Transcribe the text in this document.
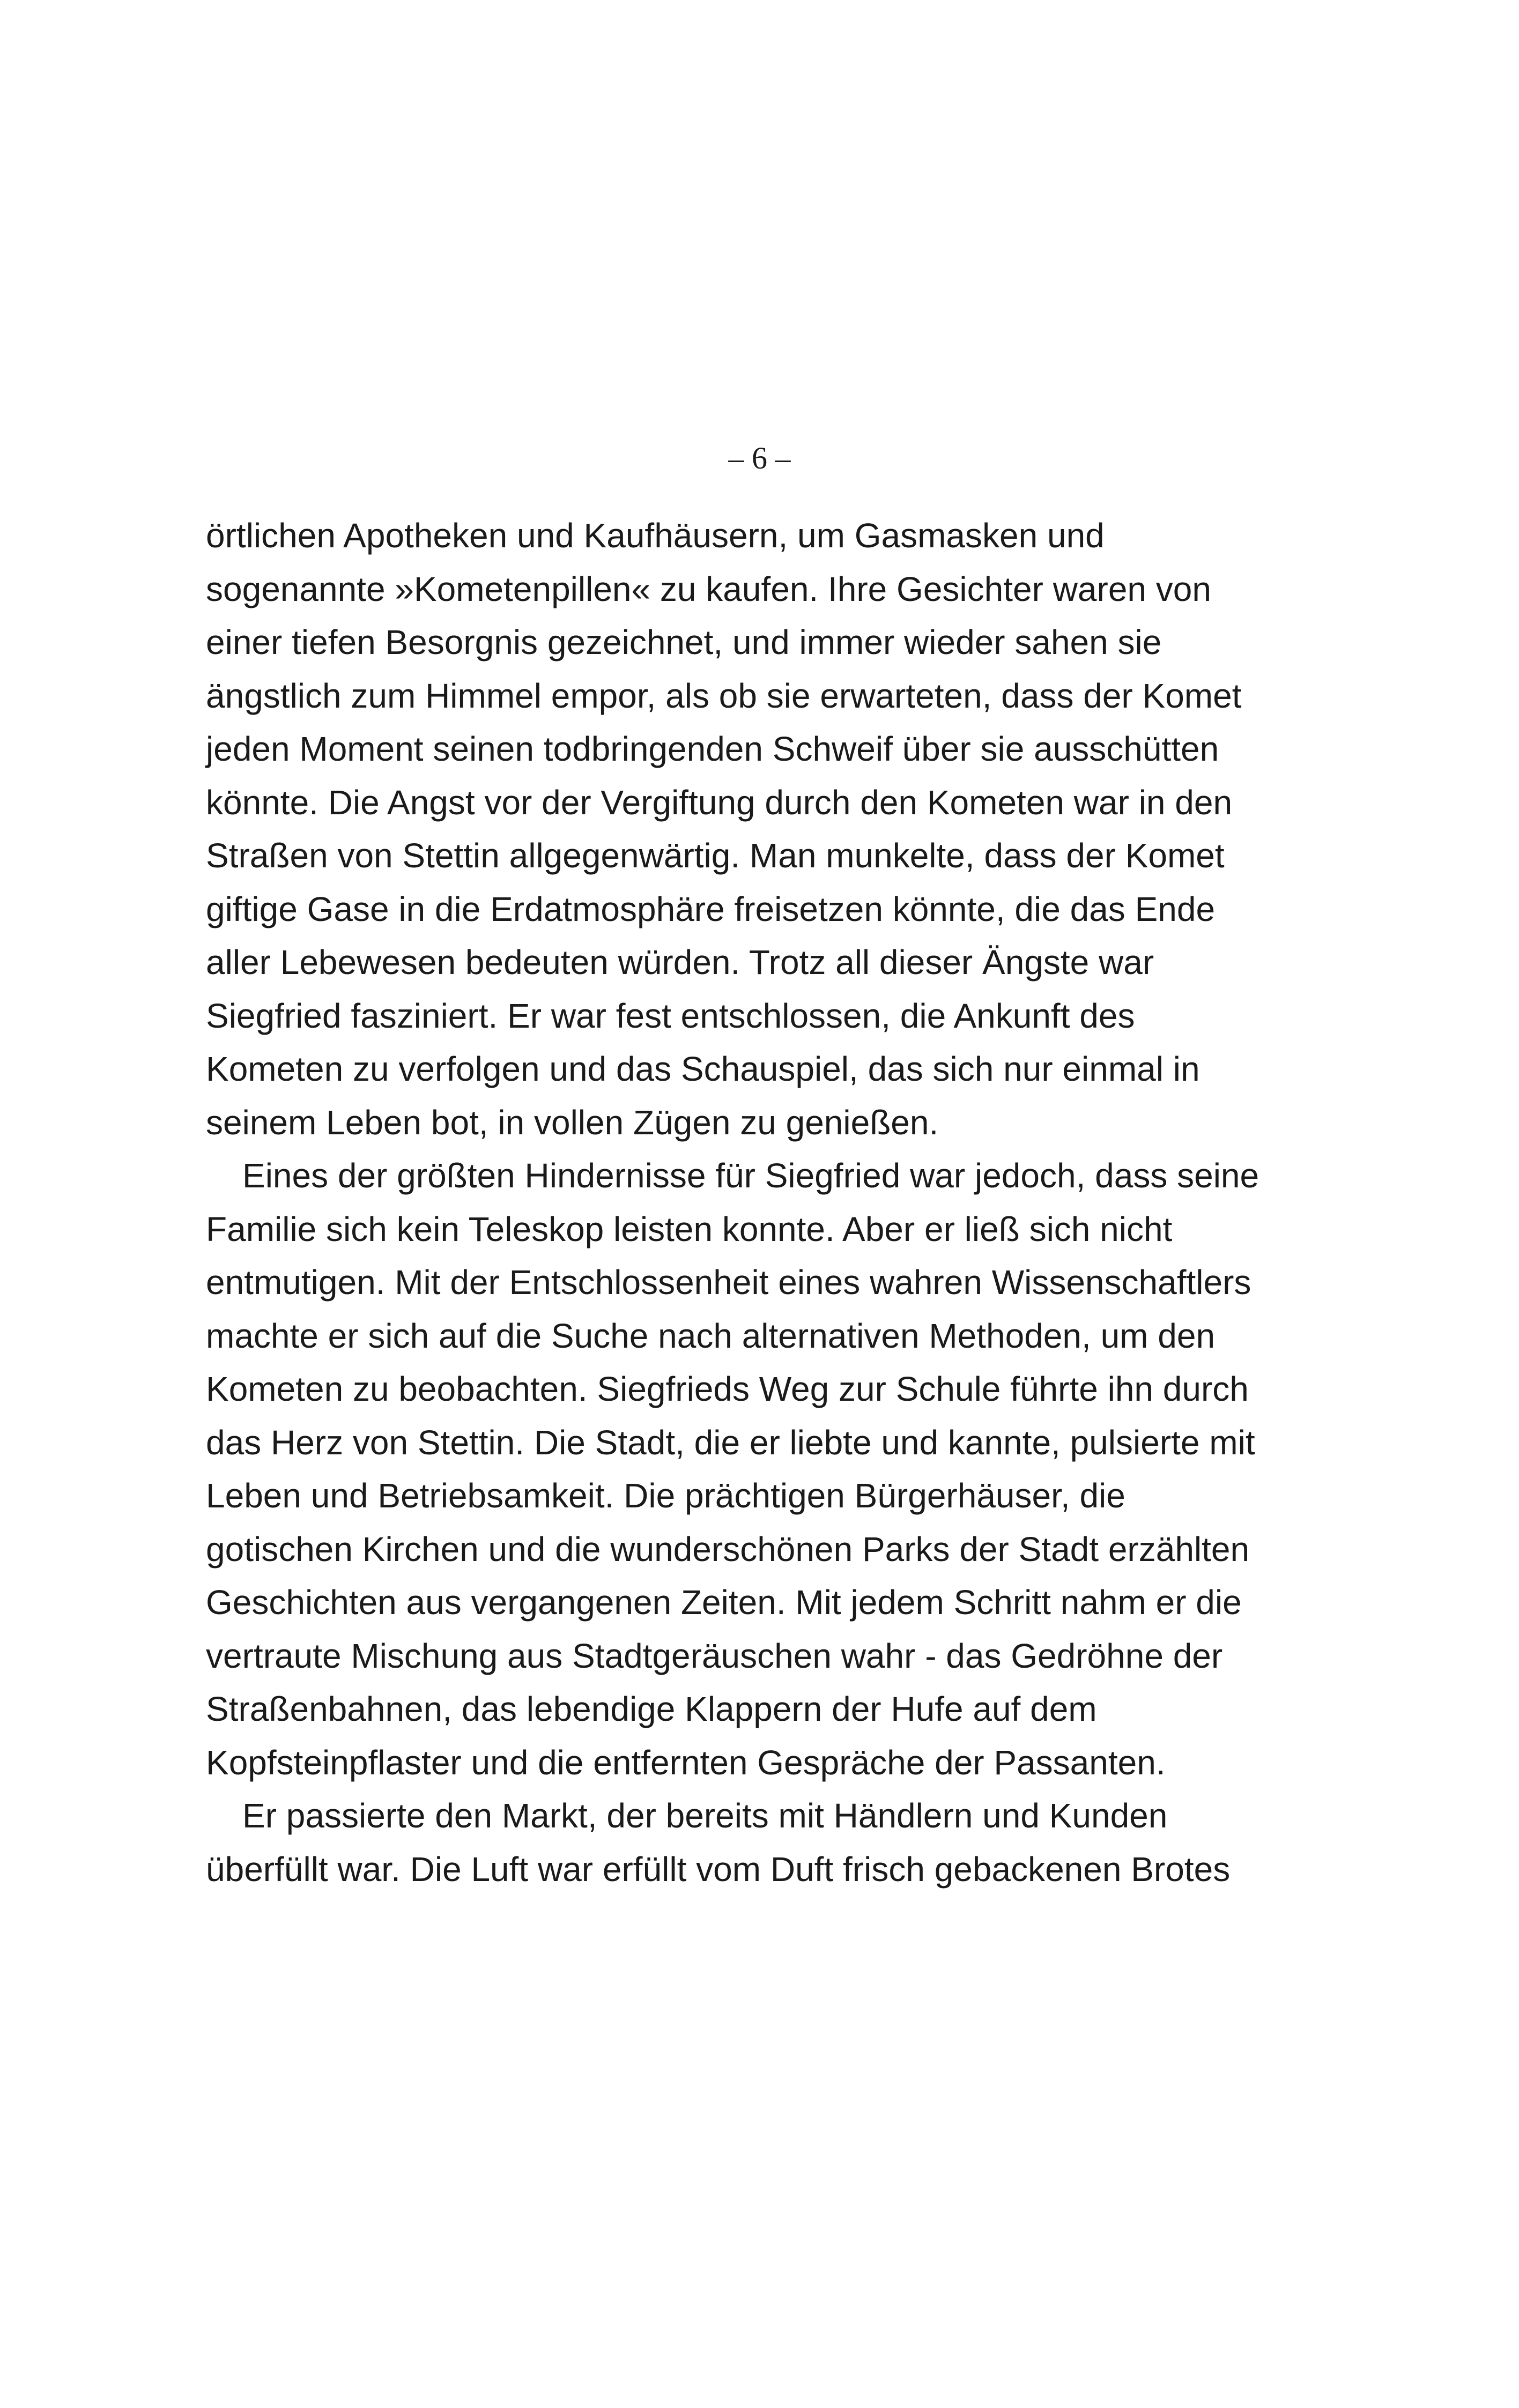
– 6 –
örtlichen Apotheken und Kaufhäusern, um Gasmasken und
sogenannte »Kometenpillen« zu kaufen. Ihre Gesichter waren von
einer tiefen Besorgnis gezeichnet, und immer wieder sahen sie
ängstlich zum Himmel empor, als ob sie erwarteten, dass der Komet
jeden Moment seinen todbringenden Schweif über sie ausschütten
könnte. Die Angst vor der Vergiftung durch den Kometen war in den
Straßen von Stettin allgegenwärtig. Man munkelte, dass der Komet
giftige Gase in die Erdatmosphäre freisetzen könnte, die das Ende
aller Lebewesen bedeuten würden. Trotz all dieser Ängste war
Siegfried fasziniert. Er war fest entschlossen, die Ankunft des
Kometen zu verfolgen und das Schauspiel, das sich nur einmal in
seinem Leben bot, in vollen Zügen zu genießen.
Eines der größten Hindernisse für Siegfried war jedoch, dass seine
Familie sich kein Teleskop leisten konnte. Aber er ließ sich nicht
entmutigen. Mit der Entschlossenheit eines wahren Wissenschaftlers
machte er sich auf die Suche nach alternativen Methoden, um den
Kometen zu beobachten. Siegfrieds Weg zur Schule führte ihn durch
das Herz von Stettin. Die Stadt, die er liebte und kannte, pulsierte mit
Leben und Betriebsamkeit. Die prächtigen Bürgerhäuser, die
gotischen Kirchen und die wunderschönen Parks der Stadt erzählten
Geschichten aus vergangenen Zeiten. Mit jedem Schritt nahm er die
vertraute Mischung aus Stadtgeräuschen wahr - das Gedröhne der
Straßenbahnen, das lebendige Klappern der Hufe auf dem
Kopfsteinpflaster und die entfernten Gespräche der Passanten.
Er passierte den Markt, der bereits mit Händlern und Kunden
überfüllt war. Die Luft war erfüllt vom Duft frisch gebackenen Brotes
